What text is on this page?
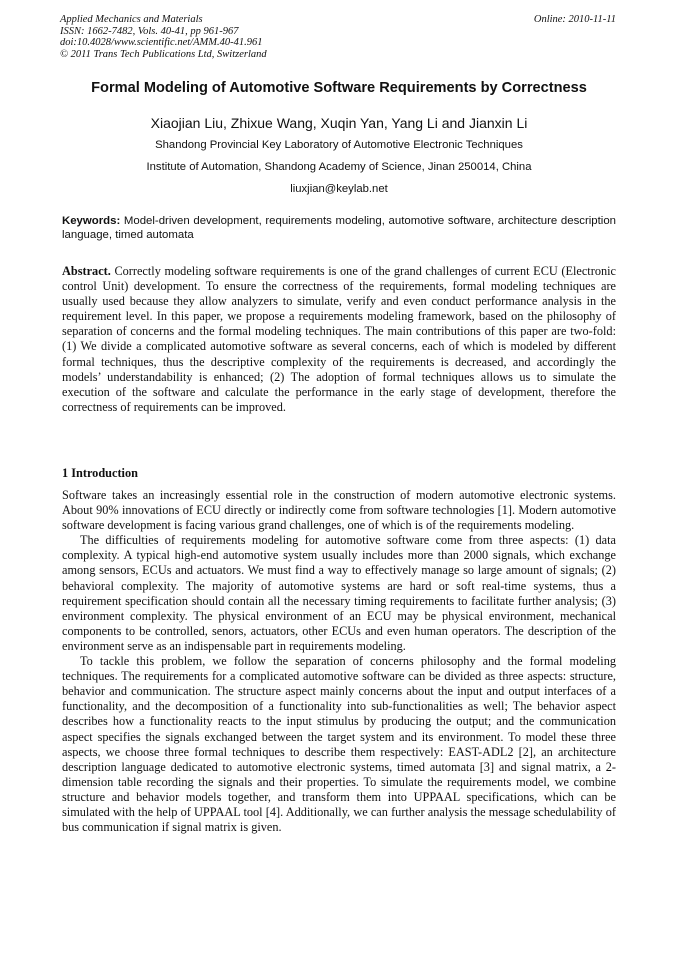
Applied Mechanics and Materials
ISSN: 1662-7482, Vols. 40-41, pp 961-967
doi:10.4028/www.scientific.net/AMM.40-41.961
© 2011 Trans Tech Publications Ltd, Switzerland
Online: 2010-11-11
Formal Modeling of Automotive Software Requirements by Correctness
Xiaojian Liu, Zhixue Wang, Xuqin Yan, Yang Li and Jianxin Li
Shandong Provincial Key Laboratory of Automotive Electronic Techniques
Institute of Automation, Shandong Academy of Science, Jinan 250014, China
liuxjian@keylab.net
Keywords: Model-driven development, requirements modeling, automotive software, architecture description language, timed automata

Abstract. Correctly modeling software requirements is one of the grand challenges of current ECU (Electronic control Unit) development. To ensure the correctness of the requirements, formal modeling techniques are usually used because they allow analyzers to simulate, verify and even conduct performance analysis in the requirement level. In this paper, we propose a requirements modeling framework, based on the philosophy of separation of concerns and the formal modeling techniques. The main contributions of this paper are two-fold: (1) We divide a complicated automotive software as several concerns, each of which is modeled by different formal techniques, thus the descriptive complexity of the requirements is decreased, and accordingly the models’ understandability is enhanced; (2) The adoption of formal techniques allows us to simulate the execution of the software and calculate the performance in the early stage of development, therefore the correctness of requirements can be improved.

1 Introduction

Software takes an increasingly essential role in the construction of modern automotive electronic systems. About 90% innovations of ECU directly or indirectly come from software technologies [1]. Modern automotive software development is facing various grand challenges, one of which is of the requirements modeling.

The difficulties of requirements modeling for automotive software come from three aspects: (1) data complexity. A typical high-end automotive system usually includes more than 2000 signals, which exchange among sensors, ECUs and actuators. We must find a way to effectively manage so large amount of signals; (2) behavioral complexity. The majority of automotive systems are hard or soft real-time systems, thus a requirement specification should contain all the necessary timing requirements to facilitate further analysis; (3) environment complexity. The physical environment of an ECU may be physical environment, mechanical components to be controlled, senors, actuators, other ECUs and even human operators. The description of the environment serve as an indispensable part in requirements modeling.

To tackle this problem, we follow the separation of concerns philosophy and the formal modeling techniques. The requirements for a complicated automotive software can be divided as three aspects: structure, behavior and communication. The structure aspect mainly concerns about the input and output interfaces of a functionality, and the decomposition of a functionality into sub-functionalities as well; The behavior aspect describes how a functionality reacts to the input stimulus by producing the output; and the communication aspect specifies the signals exchanged between the target system and its environment. To model these three aspects, we choose three formal techniques to describe them respectively: EAST-ADL2 [2], an architecture description language dedicated to automotive electronic systems, timed automata [3] and signal matrix, a 2-dimension table recording the signals and their properties. To simulate the requirements model, we combine structure and behavior models together, and transform them into UPPAAL specifications, which can be simulated with the help of UPPAAL tool [4]. Additionally, we can further analysis the message schedulability of bus communication if signal matrix is given.
